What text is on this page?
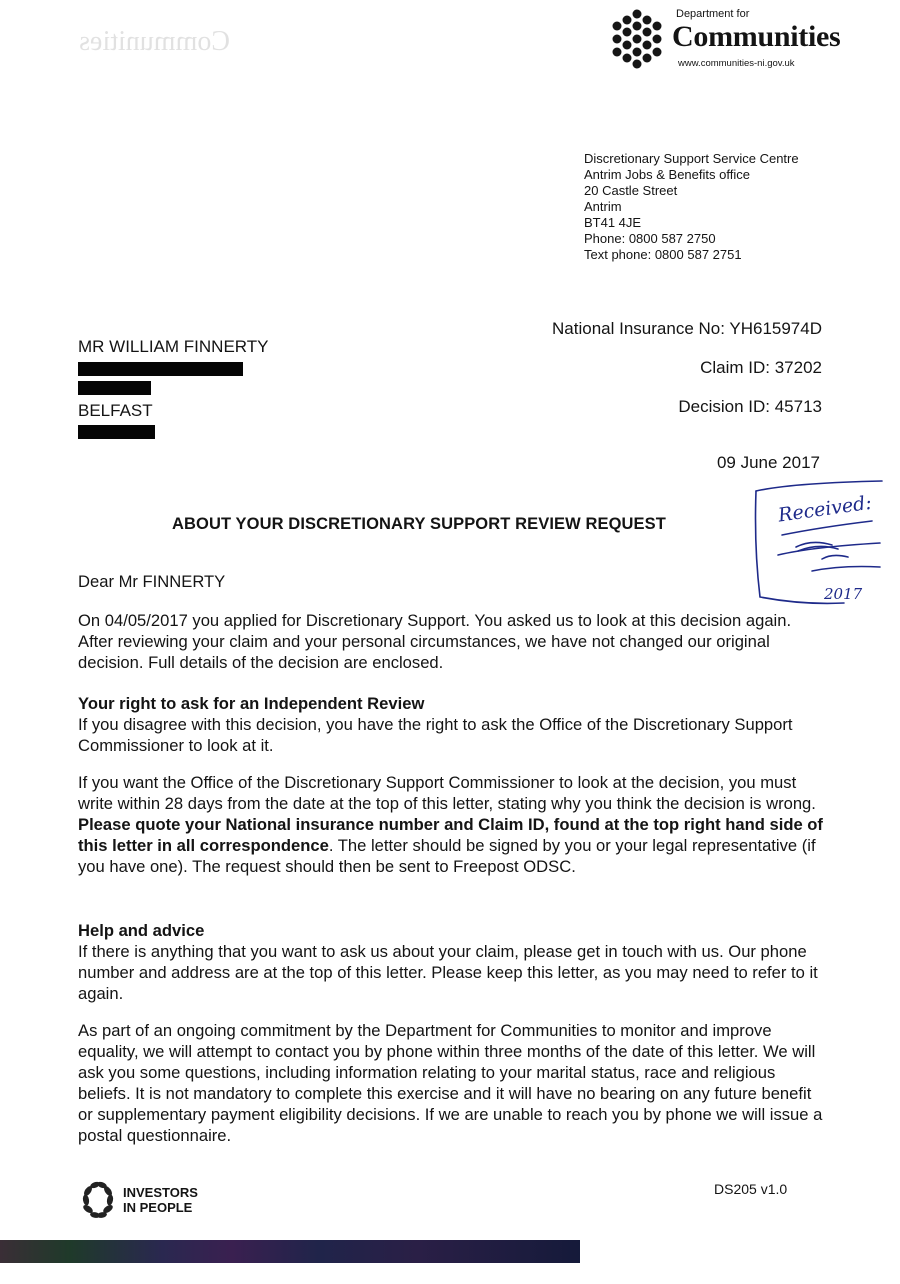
Communities
Department for
Communities
www.communities-ni.gov.uk
Discretionary Support Service Centre
Antrim Jobs & Benefits office
20 Castle Street
Antrim
BT41 4JE
Phone: 0800 587 2750
Text phone: 0800 587 2751
MR WILLIAM FINNERTY
BELFAST
National Insurance No: YH615974D
Claim ID: 37202
Decision ID: 45713
09 June 2017
ABOUT YOUR DISCRETIONARY SUPPORT REVIEW REQUEST	Received:
2017
Dear Mr FINNERTY

On 04/05/2017 you applied for Discretionary Support. You asked us to look at this decision again. After reviewing your claim and your personal circumstances, we have not changed our original decision. Full details of the decision are enclosed.

Your right to ask for an Independent Review

If you disagree with this decision, you have the right to ask the Office of the Discretionary Support Commissioner to look at it.

If you want the Office of the Discretionary Support Commissioner to look at the decision, you must write within 28 days from the date at the top of this letter, stating why you think the decision is wrong. Please quote your National insurance number and Claim ID, found at the top right hand side of this letter in all correspondence. The letter should be signed by you or your legal representative (if you have one). The request should then be sent to Freepost ODSC.

Help and advice

If there is anything that you want to ask us about your claim, please get in touch with us. Our phone number and address are at the top of this letter. Please keep this letter, as you may need to refer to it again.

As part of an ongoing commitment by the Department for Communities to monitor and improve equality, we will attempt to contact you by phone within three months of the date of this letter. We will ask you some questions, including information relating to your marital status, race and religious beliefs. It is not mandatory to complete this exercise and it will have no bearing on any future benefit or supplementary payment eligibility decisions. If we are unable to reach you by phone we will issue a postal questionnaire.

INVESTORS
IN PEOPLE
DS205 v1.0
